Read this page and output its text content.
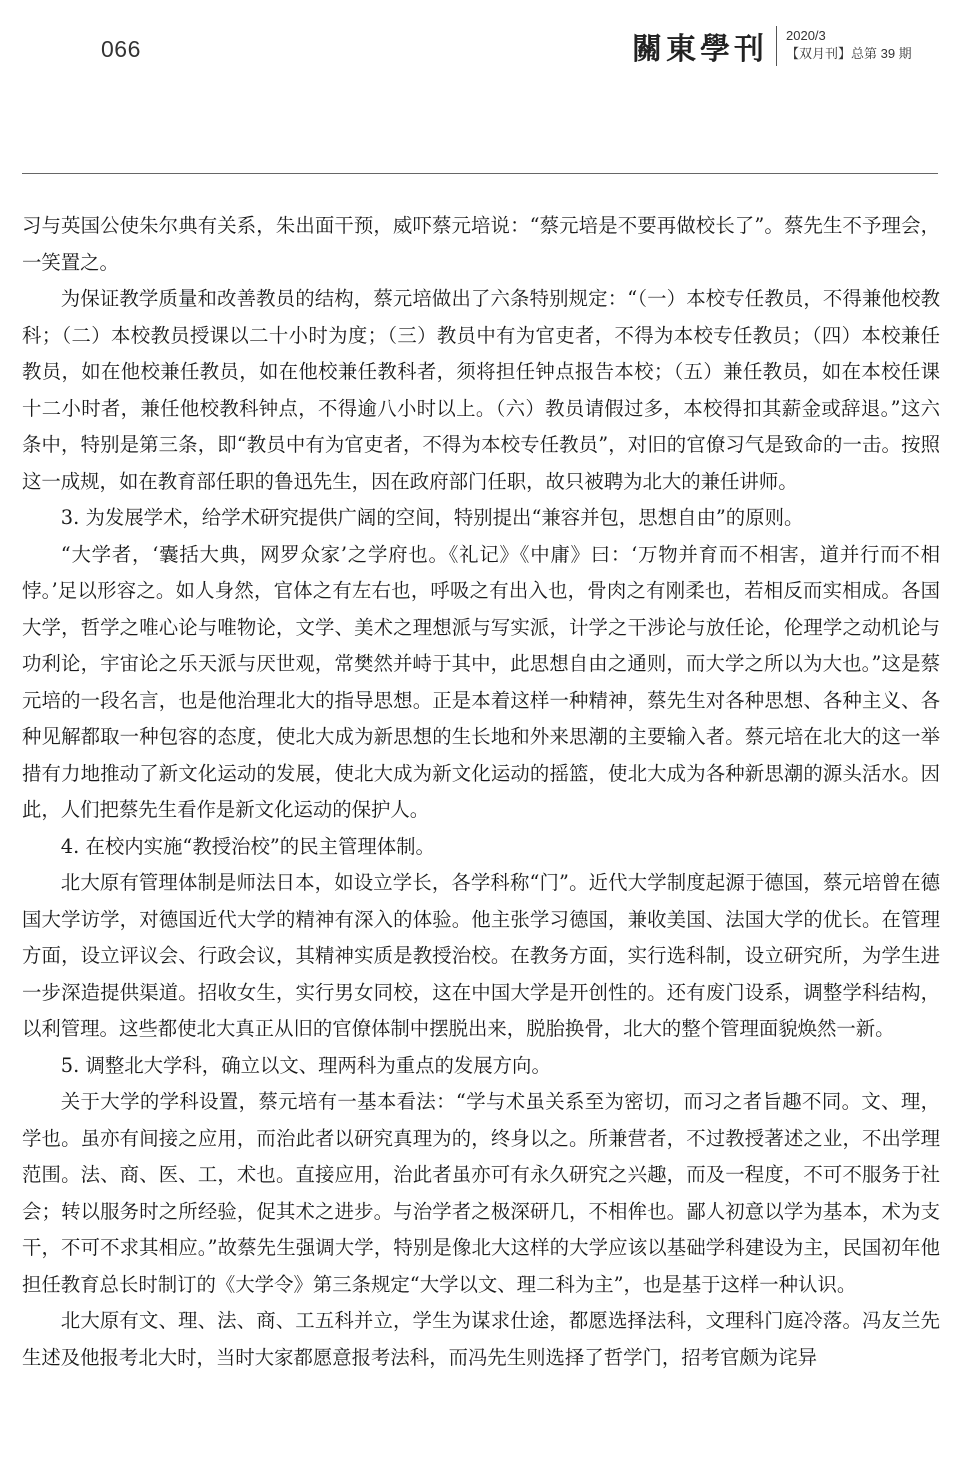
066	關東學刊 2020/3
【双月刊】总第 39 期

习与英国公使朱尔典有关系，朱出面干预，威吓蔡元培说：“蔡元培是不要再做校长了”。蔡先生不予理会，一笑置之。

为保证教学质量和改善教员的结构，蔡元培做出了六条特别规定：“（一）本校专任教员，不得兼他校教科；（二）本校教员授课以二十小时为度；（三）教员中有为官吏者，不得为本校专任教员；（四）本校兼任教员，如在他校兼任教员，如在他校兼任教科者，须将担任钟点报告本校；（五）兼任教员，如在本校任课十二小时者，兼任他校教科钟点，不得逾八小时以上。（六）教员请假过多，本校得扣其薪金或辞退。”这六条中，特别是第三条，即“教员中有为官吏者，不得为本校专任教员”，对旧的官僚习气是致命的一击。按照这一成规，如在教育部任职的鲁迅先生，因在政府部门任职，故只被聘为北大的兼任讲师。

3. 为发展学术，给学术研究提供广阔的空间，特别提出“兼容并包，思想自由”的原则。

“大学者，‘囊括大典，网罗众家’之学府也。《礼记》《中庸》曰：‘万物并育而不相害，道并行而不相悖。’足以形容之。如人身然，官体之有左右也，呼吸之有出入也，骨肉之有刚柔也，若相反而实相成。各国大学，哲学之唯心论与唯物论，文学、美术之理想派与写实派，计学之干涉论与放任论，伦理学之动机论与功利论，宇宙论之乐天派与厌世观，常樊然并峙于其中，此思想自由之通则，而大学之所以为大也。”这是蔡元培的一段名言，也是他治理北大的指导思想。正是本着这样一种精神，蔡先生对各种思想、各种主义、各种见解都取一种包容的态度，使北大成为新思想的生长地和外来思潮的主要输入者。蔡元培在北大的这一举措有力地推动了新文化运动的发展，使北大成为新文化运动的摇篮，使北大成为各种新思潮的源头活水。因此，人们把蔡先生看作是新文化运动的保护人。

4. 在校内实施“教授治校”的民主管理体制。

北大原有管理体制是师法日本，如设立学长，各学科称“门”。近代大学制度起源于德国，蔡元培曾在德国大学访学，对德国近代大学的精神有深入的体验。他主张学习德国，兼收美国、法国大学的优长。在管理方面，设立评议会、行政会议，其精神实质是教授治校。在教务方面，实行选科制，设立研究所，为学生进一步深造提供渠道。招收女生，实行男女同校，这在中国大学是开创性的。还有废门设系，调整学科结构，以利管理。这些都使北大真正从旧的官僚体制中摆脱出来，脱胎换骨，北大的整个管理面貌焕然一新。

5. 调整北大学科，确立以文、理两科为重点的发展方向。

关于大学的学科设置，蔡元培有一基本看法：“学与术虽关系至为密切，而习之者旨趣不同。文、理，学也。虽亦有间接之应用，而治此者以研究真理为的，终身以之。所兼营者，不过教授著述之业，不出学理范围。法、商、医、工，术也。直接应用，治此者虽亦可有永久研究之兴趣，而及一程度，不可不服务于社会；转以服务时之所经验，促其术之进步。与治学者之极深研几，不相侔也。鄙人初意以学为基本，术为支干，不可不求其相应。”故蔡先生强调大学，特别是像北大这样的大学应该以基础学科建设为主，民国初年他担任教育总长时制订的《大学令》第三条规定“大学以文、理二科为主”，也是基于这样一种认识。

北大原有文、理、法、商、工五科并立，学生为谋求仕途，都愿选择法科，文理科门庭冷落。冯友兰先生述及他报考北大时，当时大家都愿意报考法科，而冯先生则选择了哲学门，招考官颇为诧异
